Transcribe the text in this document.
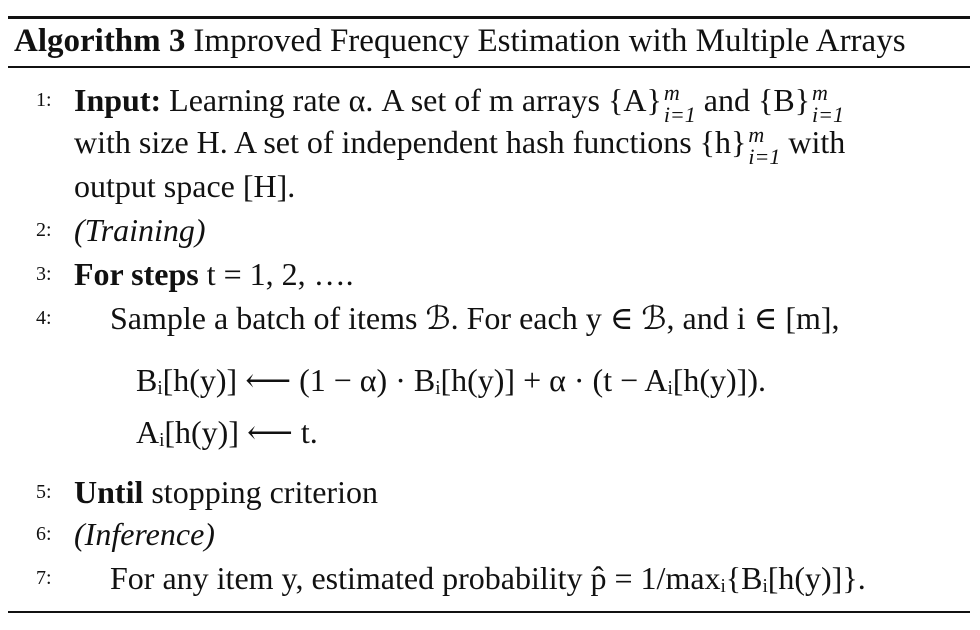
Algorithm 3 Improved Frequency Estimation with Multiple Arrays
1: Input: Learning rate α. A set of m arrays {A} m
i=1 and {B} m
i=1
with size H. A set of independent hash functions {h} m
i=1 with
output space [H].
2: (Training)
3: For steps t = 1, 2, ….
4: Sample a batch of items ℬ. For each y ∈ ℬ, and i ∈ [m],
Bᵢ[h(y)] ⟵ (1 − α) · Bᵢ[h(y)] + α · (t − Aᵢ[h(y)]).
Aᵢ[h(y)] ⟵ t.
5: Until stopping criterion
6: (Inference)
7: For any item y, estimated probability p̂ = 1/maxᵢ{Bᵢ[h(y)]}.
